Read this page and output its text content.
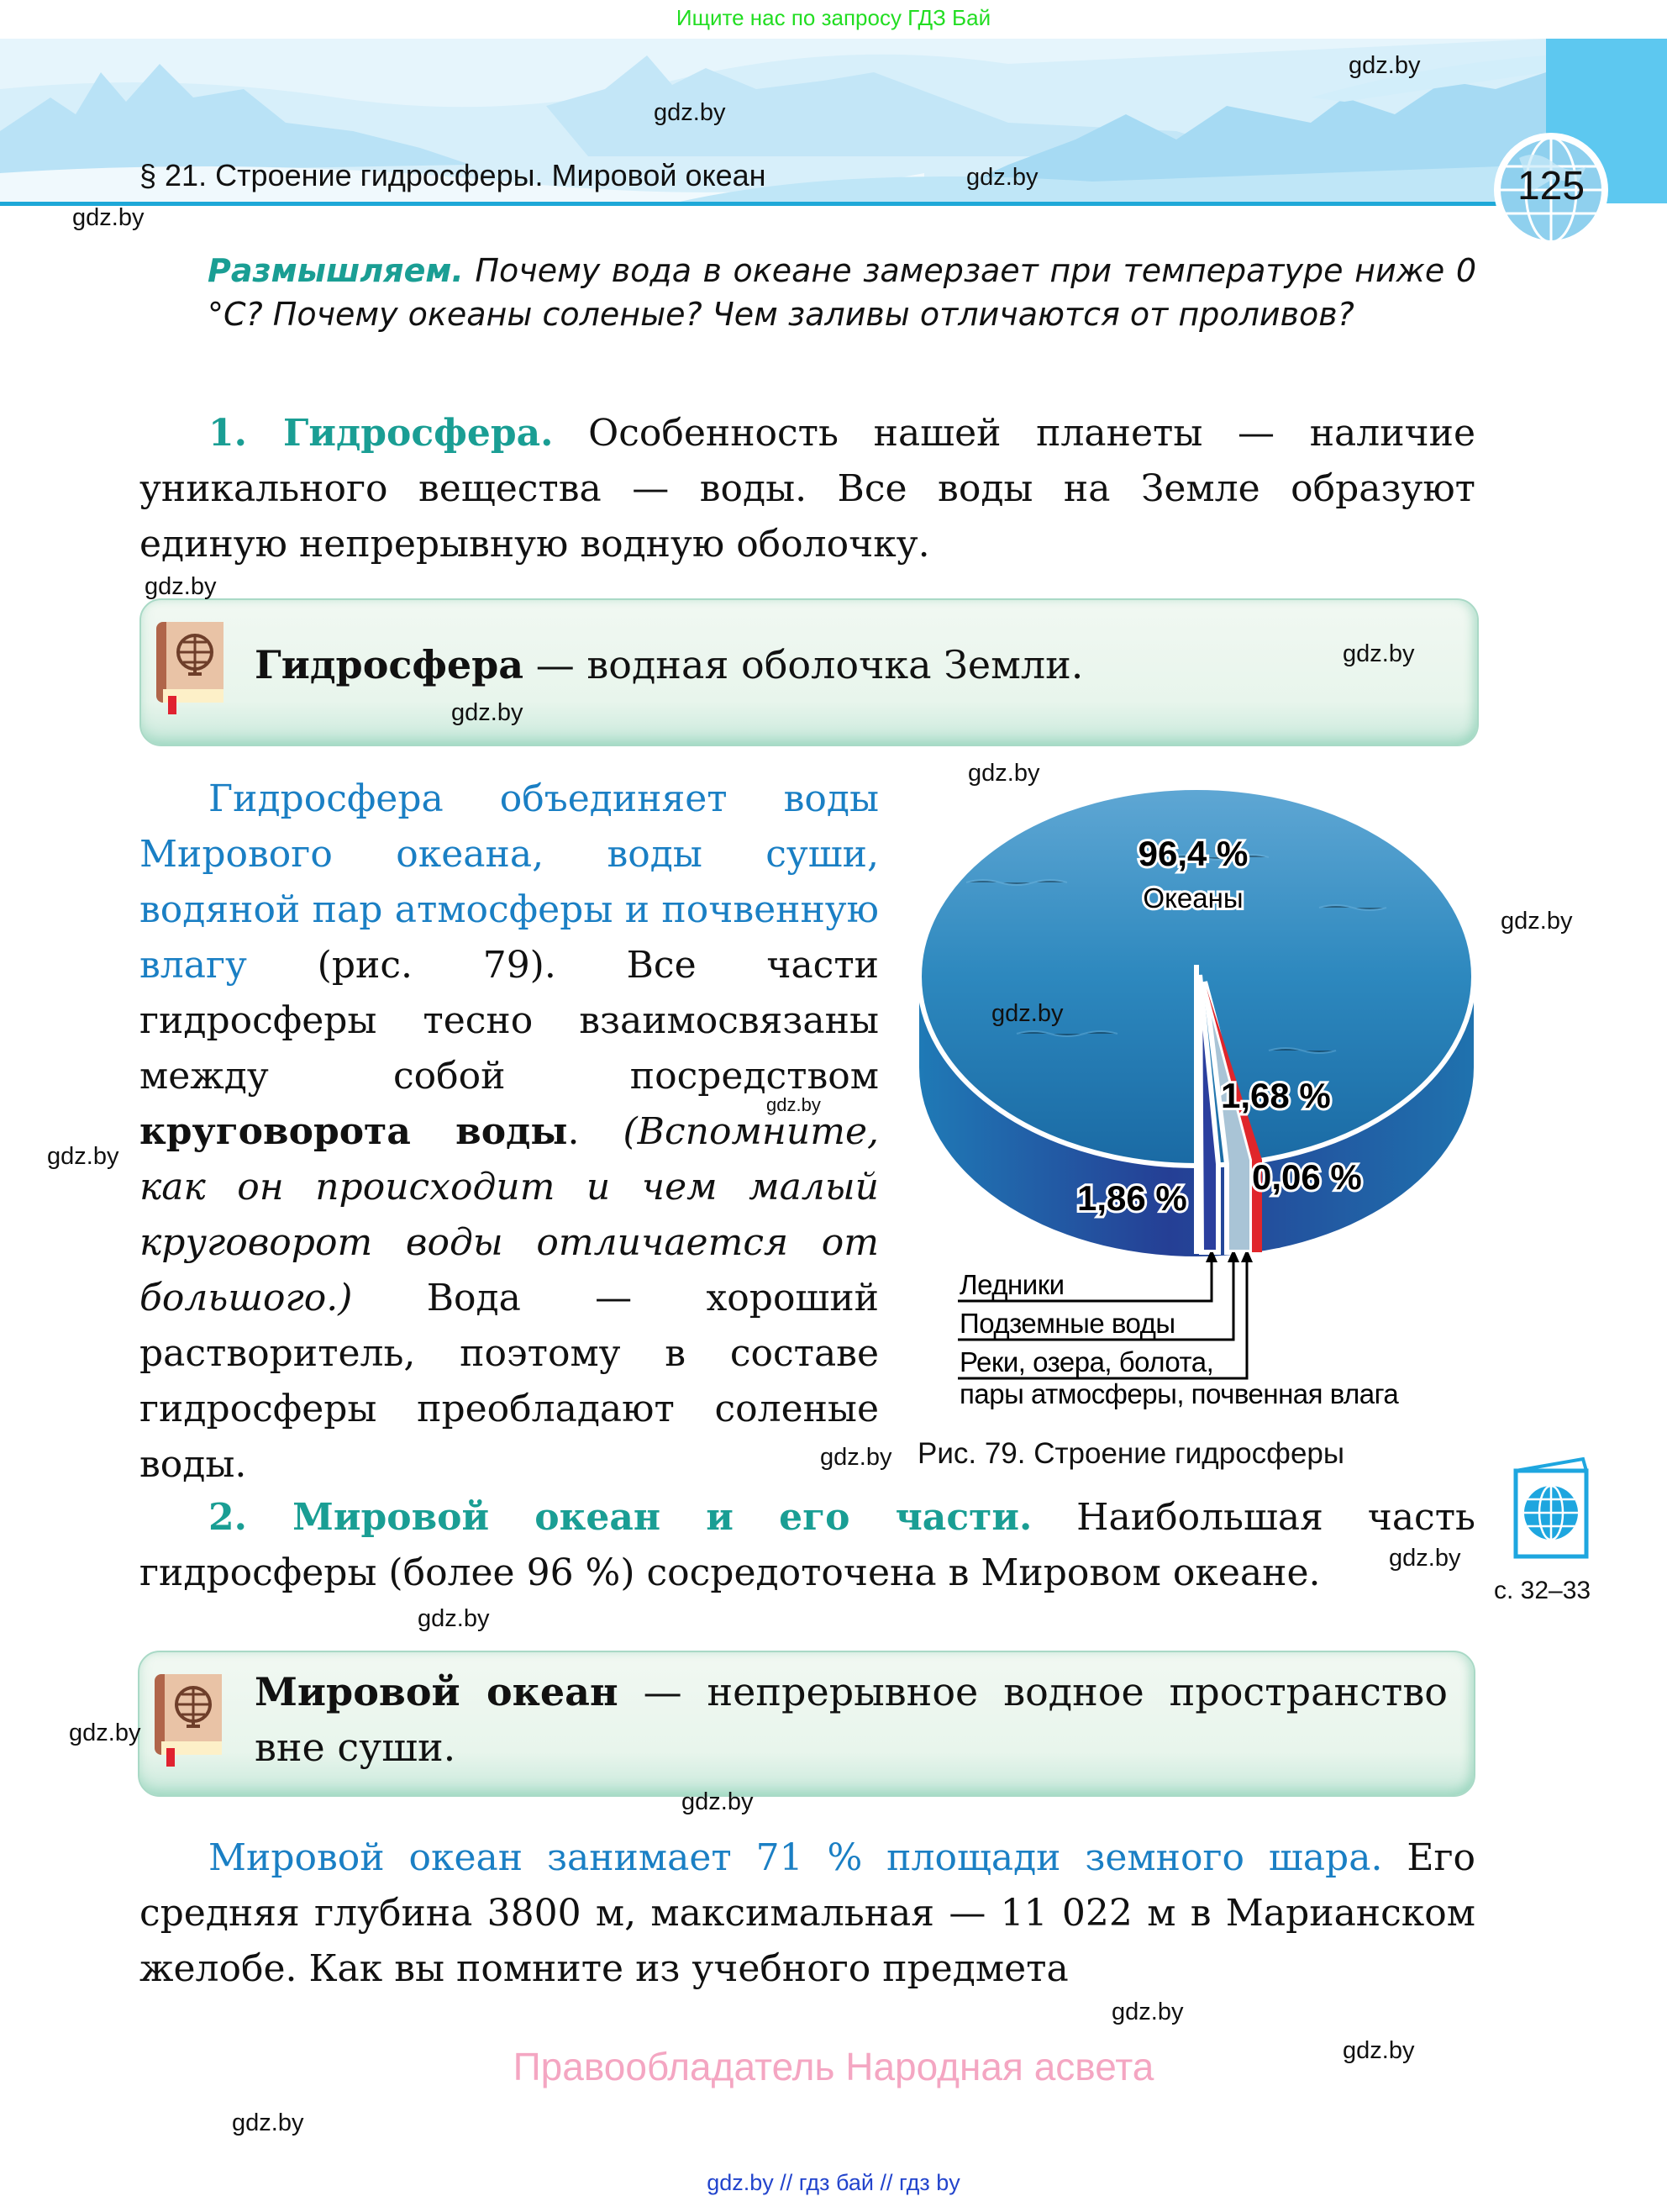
Ищите нас по запросу ГДЗ Бай
§ 21. Строение гидросферы. Мировой океан	125
Размышляем. Почему вода в океане замерзает при температуре ниже 0 °C? Почему океаны соленые? Чем заливы отличаются от проливов?
1. Гидросфера. Особенность нашей планеты — наличие уникального вещества — воды. Все воды на Земле образуют единую непрерывную водную оболочку.
Гидросфера — водная оболочка Земли.
Гидросфера объединяет воды Мирового океана, воды суши, водяной пар атмосферы и почвенную влагу (рис. 79). Все части гидросферы тесно взаимосвязаны между собой посредством круговорота воды. (Вспомните, как он происходит и чем малый круговорот воды отличается от большого.) Вода — хороший растворитель, поэтому в составе гидросферы преобладают соленые воды.
96,4 %
Океаны
1,68 %
0,06 %
1,86 %
Ледники
Подземные воды
Реки, озера, болота,
пары атмосферы, почвенная влага
Рис. 79. Строение гидросферы
с. 32–33
2. Мировой океан и его части. Наибольшая часть гидросферы (более 96 %) сосредоточена в Мировом океане.
Мировой океан — непрерывное водное пространство вне суши.
Мировой океан занимает 71 % площади земного шара. Его средняя глубина 3800 м, максимальная — 11 022 м в Марианском желобе. Как вы помните из учебного предмета
Правообладатель Народная асвета
gdz.by // гдз бай // гдз by
gdz.by
gdz.by
gdz.by
gdz.by
gdz.by
gdz.by
gdz.by
gdz.by
gdz.by
gdz.by
gdz.by
gdz.by
gdz.by
gdz.by
gdz.by
gdz.by
gdz.by
gdz.by
gdz.by
gdz.by
